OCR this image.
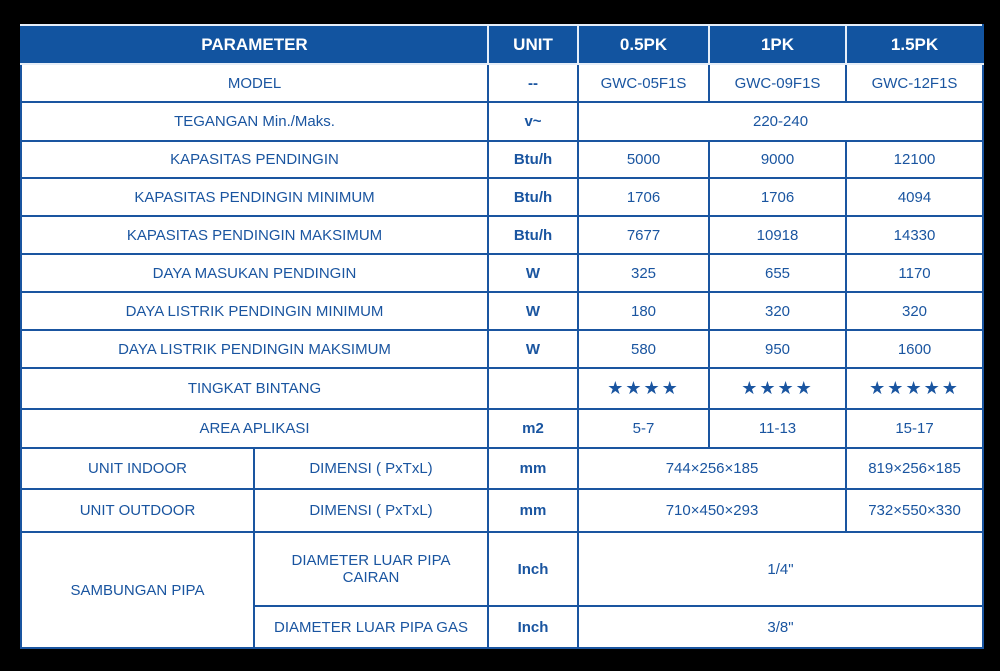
PARAMETER		UNIT	0.5PK	1PK	1.5PK
MODEL		--	GWC-05F1S	GWC-09F1S	GWC-12F1S
TEGANGAN Min./Maks.		v~	220-240		
KAPASITAS PENDINGIN		Btu/h	5000	9000	12100
KAPASITAS PENDINGIN MINIMUM		Btu/h	1706	1706	4094
KAPASITAS PENDINGIN MAKSIMUM		Btu/h	7677	10918	14330
DAYA MASUKAN PENDINGIN		W	325	655	1170
DAYA LISTRIK PENDINGIN MINIMUM		W	180	320	320
DAYA LISTRIK PENDINGIN MAKSIMUM		W	580	950	1600
TINGKAT BINTANG			★★★★	★★★★	★★★★★
AREA APLIKASI		m2	5-7	11-13	15-17
UNIT INDOOR	DIMENSI ( PxTxL)	mm	744×256×185		819×256×185
UNIT OUTDOOR	DIMENSI ( PxTxL)	mm	710×450×293		732×550×330
SAMBUNGAN PIPA	DIAMETER LUAR PIPA CAIRAN	Inch	1/4"		
	DIAMETER LUAR PIPA GAS	Inch	3/8"		
